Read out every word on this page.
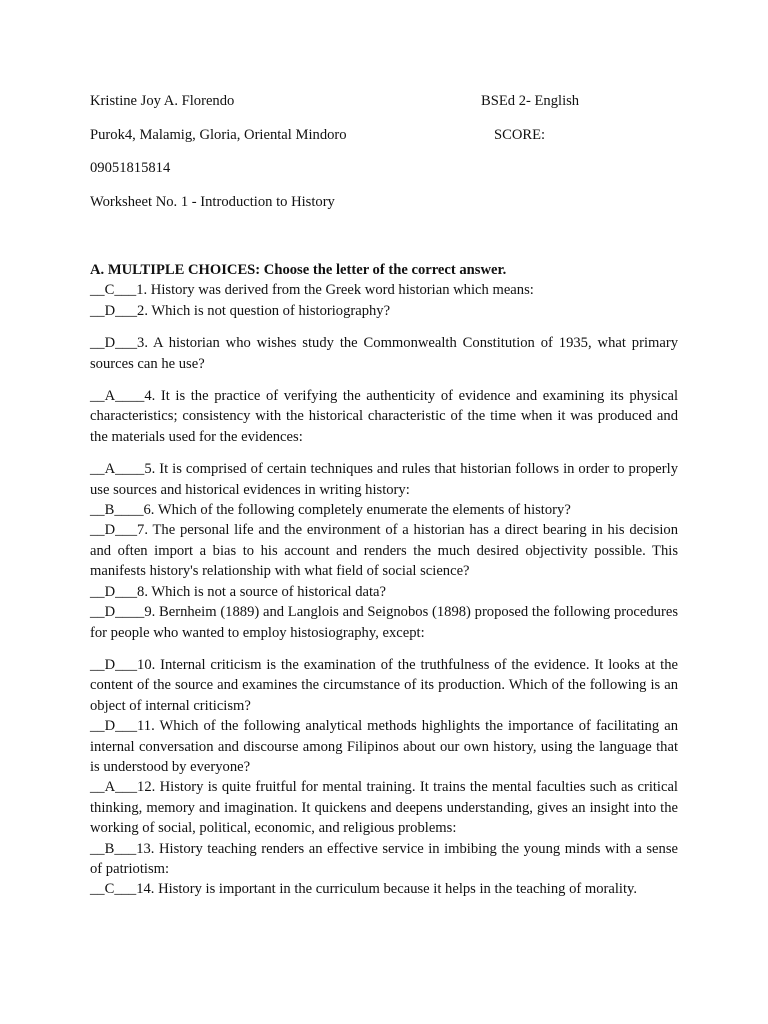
Kristine Joy A. Florendo	BSEd 2- English
Purok4, Malamig, Gloria, Oriental Mindoro	SCORE:
09051815814
Worksheet No. 1 - Introduction to History
A. MULTIPLE CHOICES: Choose the letter of the correct answer.

__C___1. History was derived from the Greek word historian which means:

__D___2. Which is not question of historiography?

__D___3. A historian who wishes study the Commonwealth Constitution of 1935, what primary sources can he use?

__A____4. It is the practice of verifying the authenticity of evidence and examining its physical characteristics; consistency with the historical characteristic of the time when it was produced and the materials used for the evidences:

__A____5. It is comprised of certain techniques and rules that historian follows in order to properly use sources and historical evidences in writing history:

__B____6. Which of the following completely enumerate the elements of history?

__D___7. The personal life and the environment of a historian has a direct bearing in his decision and often import a bias to his account and renders the much desired objectivity possible. This manifests history's relationship with what field of social science?

__D___8. Which is not a source of historical data?

__D____9. Bernheim (1889) and Langlois and Seignobos (1898) proposed the following procedures for people who wanted to employ histosiography, except:

__D___10. Internal criticism is the examination of the truthfulness of the evidence. It looks at the content of the source and examines the circumstance of its production. Which of the following is an object of internal criticism?

__D___11. Which of the following analytical methods highlights the importance of facilitating an internal conversation and discourse among Filipinos about our own history, using the language that is understood by everyone?

__A___12. History is quite fruitful for mental training. It trains the mental faculties such as critical thinking, memory and imagination. It quickens and deepens understanding, gives an insight into the working of social, political, economic, and religious problems:

__B___13. History teaching renders an effective service in imbibing the young minds with a sense of patriotism:

__C___14. History is important in the curriculum because it helps in the teaching of morality.
